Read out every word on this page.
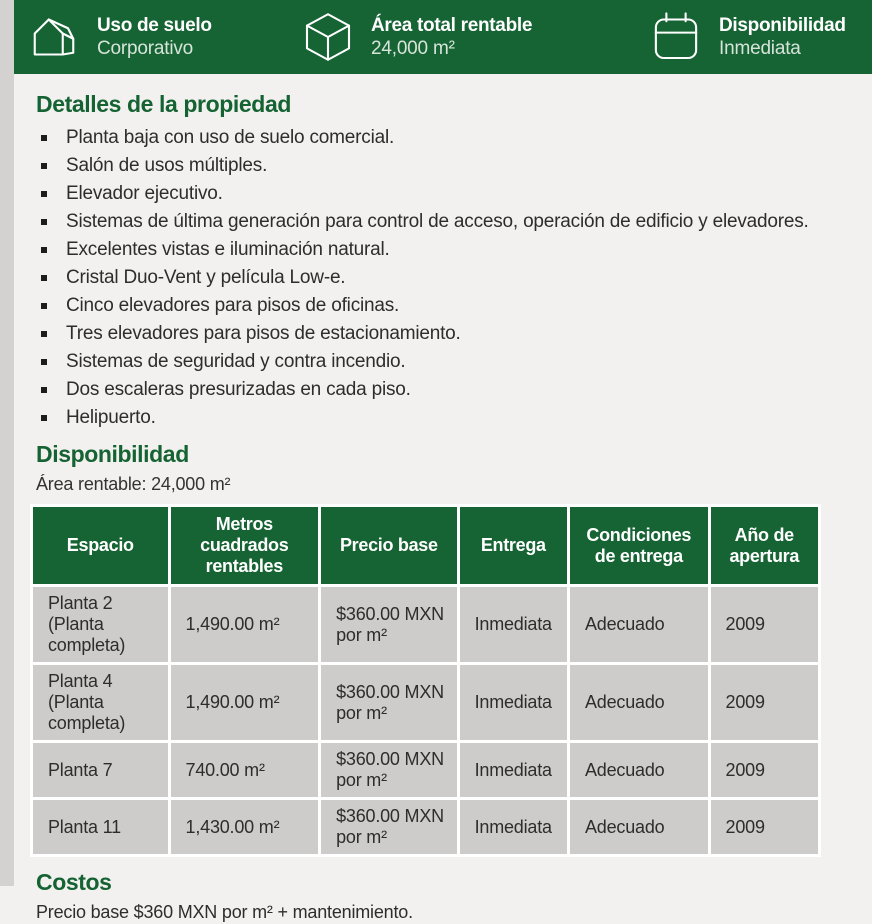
Uso de suelo
Corporativo
Área total rentable
24,000 m²
Disponibilidad
Inmediata
Detalles de la propiedad
Planta baja con uso de suelo comercial.
Salón de usos múltiples.
Elevador ejecutivo.
Sistemas de última generación para control de acceso, operación de edificio y elevadores.
Excelentes vistas e iluminación natural.
Cristal Duo-Vent y película Low-e.
Cinco elevadores para pisos de oficinas.
Tres elevadores para pisos de estacionamiento.
Sistemas de seguridad y contra incendio.
Dos escaleras presurizadas en cada piso.
Helipuerto.
Disponibilidad

Área rentable: 24,000 m²

Espacio	Metros cuadrados rentables	Precio base	Entrega	Condiciones de entrega	Año de apertura
Planta 2 (Planta completa)	1,490.00 m²	$360.00 MXN por m²	Inmediata	Adecuado	2009
Planta 4 (Planta completa)	1,490.00 m²	$360.00 MXN por m²	Inmediata	Adecuado	2009
Planta 7	740.00 m²	$360.00 MXN por m²	Inmediata	Adecuado	2009
Planta 11	1,430.00 m²	$360.00 MXN por m²	Inmediata	Adecuado	2009
Costos

Precio base $360 MXN por m² + mantenimiento.
